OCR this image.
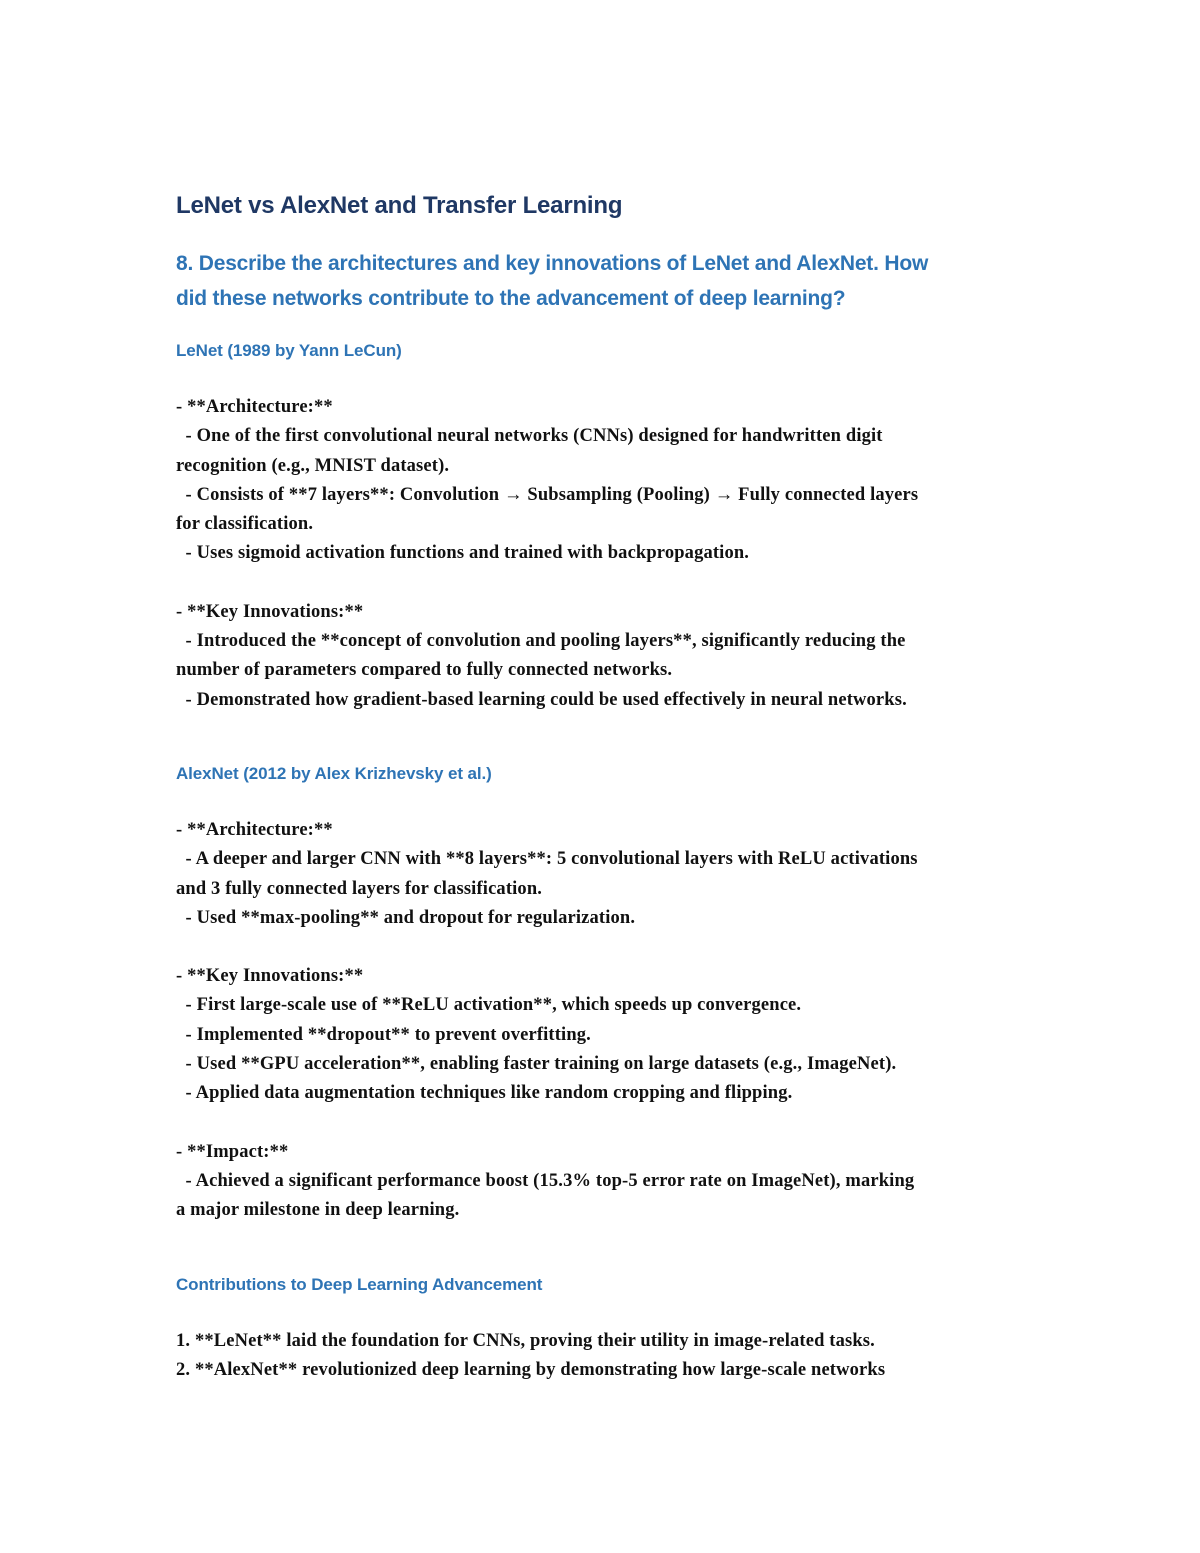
LeNet vs AlexNet and Transfer Learning
8. Describe the architectures and key innovations of LeNet and AlexNet. How
did these networks contribute to the advancement of deep learning?
LeNet (1989 by Yann LeCun)
- **Architecture:**
- One of the first convolutional neural networks (CNNs) designed for handwritten digit
recognition (e.g., MNIST dataset).
- Consists of **7 layers**: Convolution → Subsampling (Pooling) → Fully connected layers
for classification.
- Uses sigmoid activation functions and trained with backpropagation.
- **Key Innovations:**
- Introduced the **concept of convolution and pooling layers**, significantly reducing the
number of parameters compared to fully connected networks.
- Demonstrated how gradient-based learning could be used effectively in neural networks.
AlexNet (2012 by Alex Krizhevsky et al.)
- **Architecture:**
- A deeper and larger CNN with **8 layers**: 5 convolutional layers with ReLU activations
and 3 fully connected layers for classification.
- Used **max-pooling** and dropout for regularization.
- **Key Innovations:**
- First large-scale use of **ReLU activation**, which speeds up convergence.
- Implemented **dropout** to prevent overfitting.
- Used **GPU acceleration**, enabling faster training on large datasets (e.g., ImageNet).
- Applied data augmentation techniques like random cropping and flipping.
- **Impact:**
- Achieved a significant performance boost (15.3% top-5 error rate on ImageNet), marking
a major milestone in deep learning.
Contributions to Deep Learning Advancement
1. **LeNet** laid the foundation for CNNs, proving their utility in image-related tasks.
2. **AlexNet** revolutionized deep learning by demonstrating how large-scale networks
